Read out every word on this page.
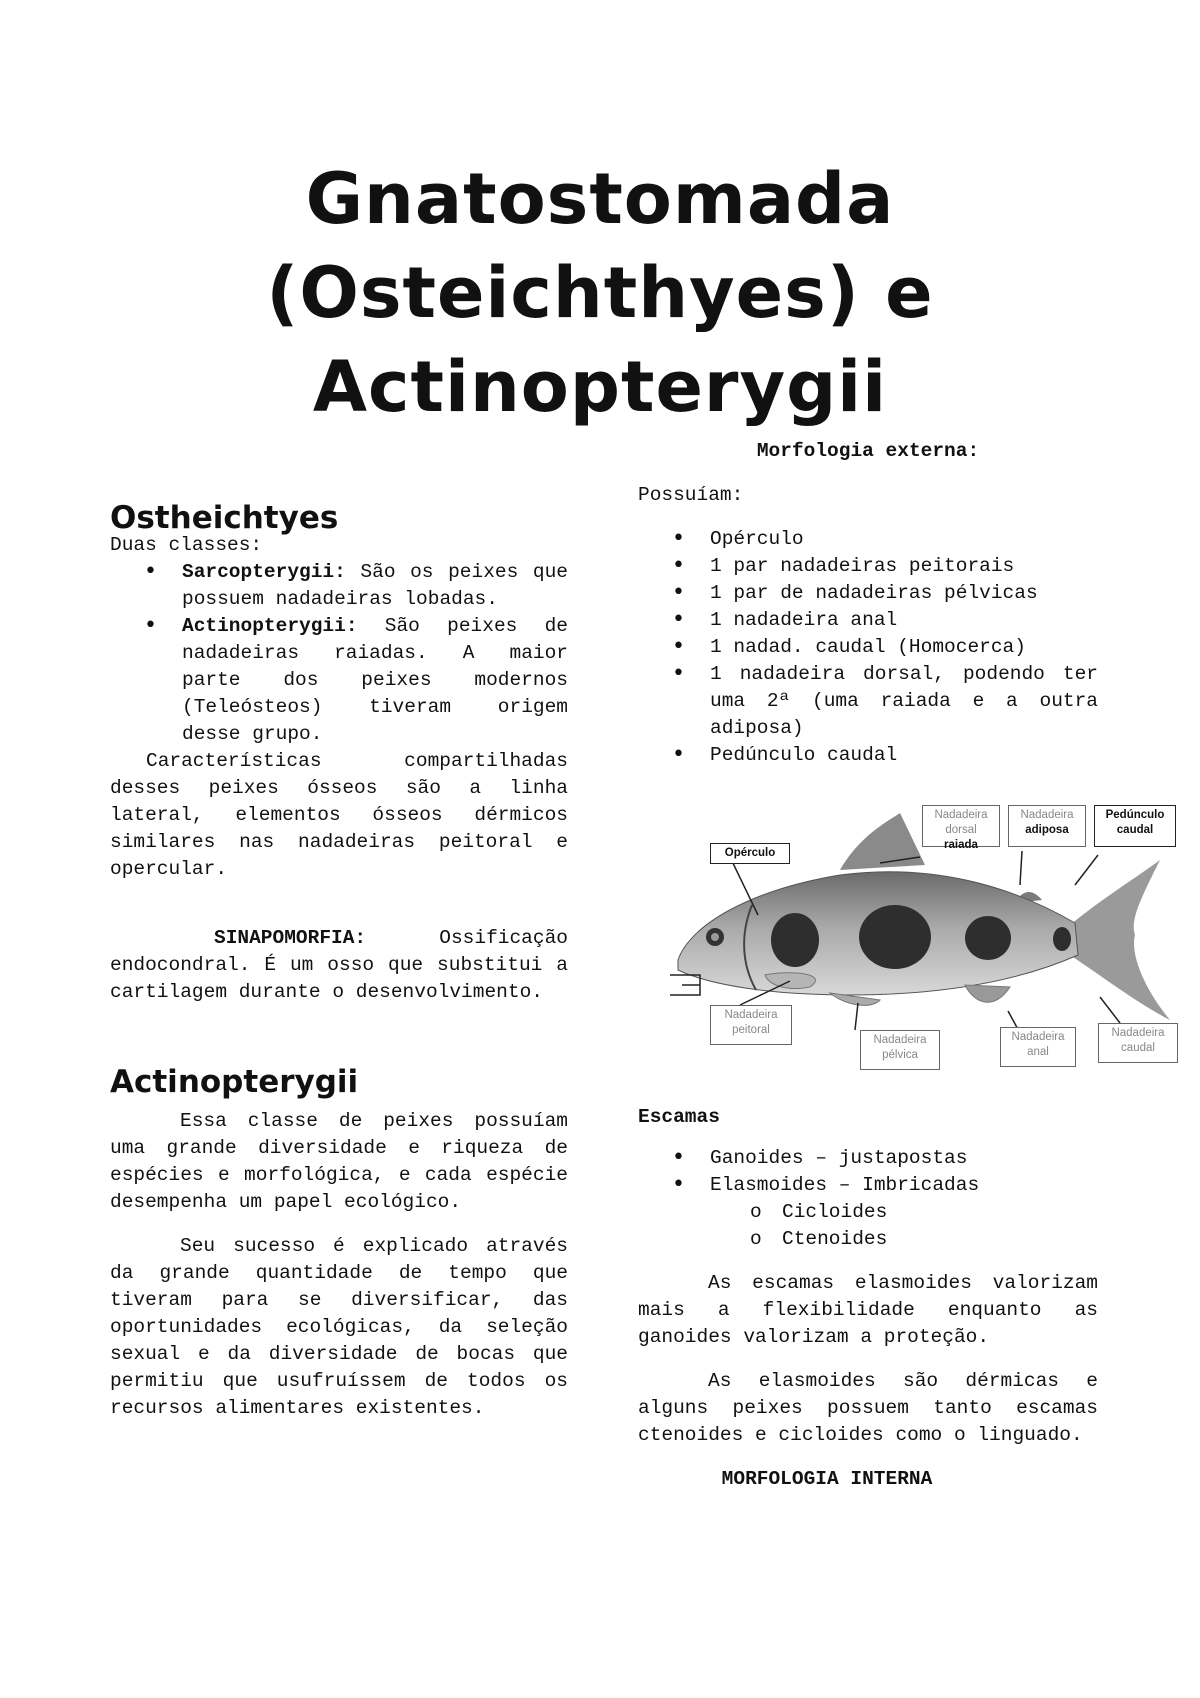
Gnatostomada
(Osteichthyes) e
Actinopterygii
Ostheichtyes

Duas classes:

• Sarcopterygii: São os peixes que possuem nadadeiras lobadas.
• Actinopterygii: São peixes de nadadeiras raiadas. A maior parte dos peixes modernos (Teleósteos) tiveram origem desse grupo.

Características compartilhadas desses peixes ósseos são a linha lateral, elementos ósseos dérmicos similares nas nadadeiras peitoral e opercular.

SINAPOMORFIA: Ossificação endocondral. É um osso que substitui a cartilagem durante o desenvolvimento.

Actinopterygii

Essa classe de peixes possuíam uma grande diversidade e riqueza de espécies e morfológica, e cada espécie desempenha um papel ecológico.

Seu sucesso é explicado através da grande quantidade de tempo que tiveram para se diversificar, das oportunidades ecológicas, da seleção sexual e da diversidade de bocas que permitiu que usufruíssem de todos os recursos alimentares existentes.

Morfologia externa:

Possuíam:

• Opérculo
• 1 par nadadeiras peitorais
• 1 par de nadadeiras pélvicas
• 1 nadadeira anal
• 1 nadad. caudal (Homocerca)
• 1 nadadeira dorsal, podendo ter uma 2ª (uma raiada e a outra adiposa)
• Pedúnculo caudal
Opérculo
Nadadeira
dorsal raiada
Nadadeira
adiposa
Pedúnculo
caudal
Nadadeira
peitoral
Nadadeira
pélvica
Nadadeira
anal
Nadadeira
caudal

Escamas

• Ganoides – justapostas
• Elasmoides – Imbricadas
o Cicloides
o Ctenoides

As escamas elasmoides valorizam mais a flexibilidade enquanto as ganoides valorizam a proteção.

As elasmoides são dérmicas e alguns peixes possuem tanto escamas ctenoides e cicloides como o linguado.

MORFOLOGIA INTERNA
